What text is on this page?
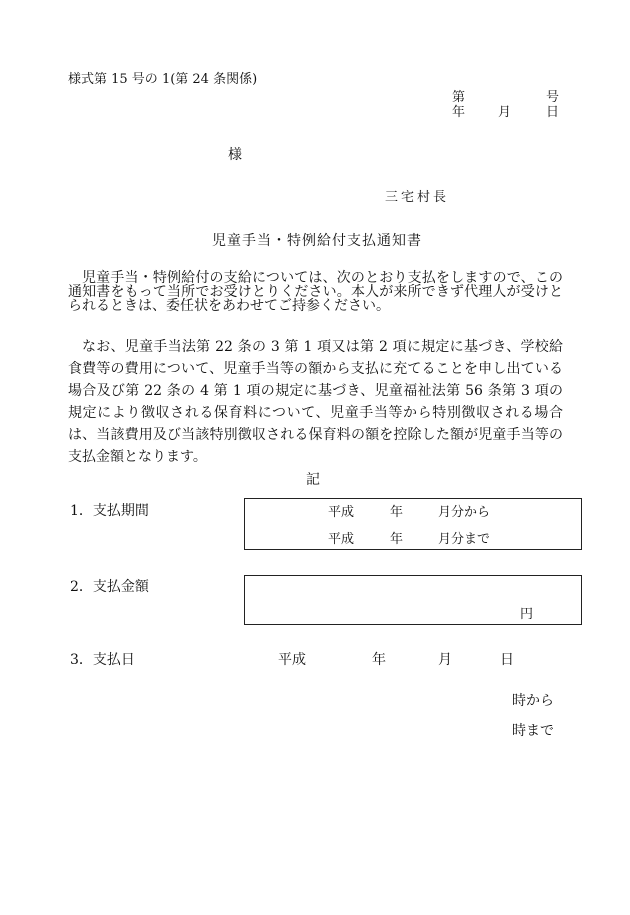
様式第 15 号の 1(第 24 条関係)
第	号
年	月	日
様
三宅村長
児童手当・特例給付支払通知書

児童手当・特例給付の支給については、次のとおり支払をしますので、この通知書をもって当所でお受けとりください。本人が来所できず代理人が受けとられるときは、委任状をあわせてご持参ください。

なお、児童手当法第 22 条の 3 第 1 項又は第 2 項に規定に基づき、学校給食費等の費用について、児童手当等の額から支払に充てることを申し出ている場合及び第 22 条の 4 第 1 項の規定に基づき、児童福祉法第 56 条第 3 項の規定により徴収される保育料について、児童手当等から特別徴収される場合は、当該費用及び当該特別徴収される保育料の額を控除した額が児童手当等の支払金額となります。

記
1．支払期間	平成	年	月分から
平成	年	月分まで
2．支払金額
円
3．支払日	平成	年	月	日
時から
時まで
